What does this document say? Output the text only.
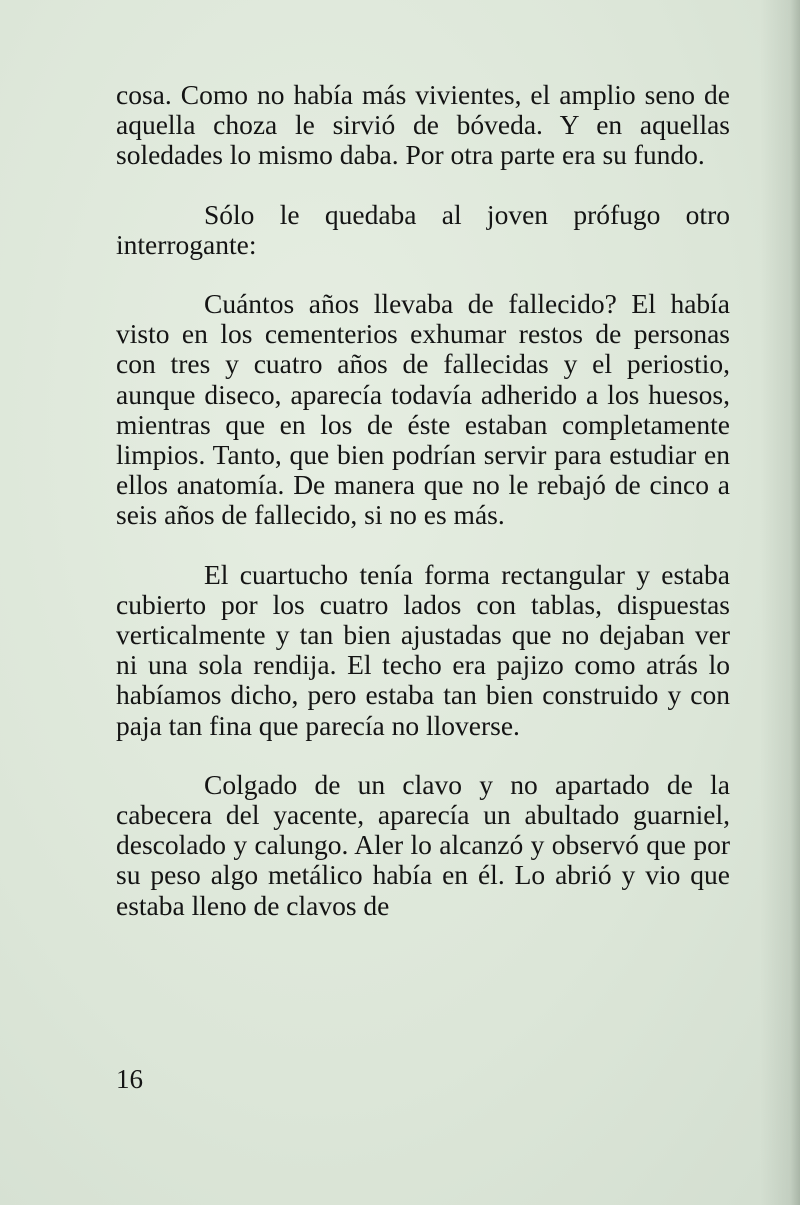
cosa. Como no había más vivientes, el amplio seno de aquella choza le sirvió de bóveda. Y en aquellas soledades lo mismo daba. Por otra parte era su fundo.

Sólo le quedaba al joven prófugo otro interrogante:

Cuántos años llevaba de fallecido? El había visto en los cementerios exhumar restos de personas con tres y cuatro años de fallecidas y el periostio, aunque diseco, aparecía todavía adherido a los huesos, mientras que en los de éste estaban completamente limpios. Tanto, que bien podrían servir para estudiar en ellos anatomía. De manera que no le rebajó de cinco a seis años de fallecido, si no es más.

El cuartucho tenía forma rectangular y estaba cubierto por los cuatro lados con tablas, dispuestas verticalmente y tan bien ajustadas que no dejaban ver ni una sola rendija. El techo era pajizo como atrás lo habíamos dicho, pero estaba tan bien construido y con paja tan fina que parecía no lloverse.

Colgado de un clavo y no apartado de la cabecera del yacente, aparecía un abultado guarniel, descolado y calungo. Aler lo alcanzó y observó que por su peso algo metálico había en él. Lo abrió y vio que estaba lleno de clavos de

16
